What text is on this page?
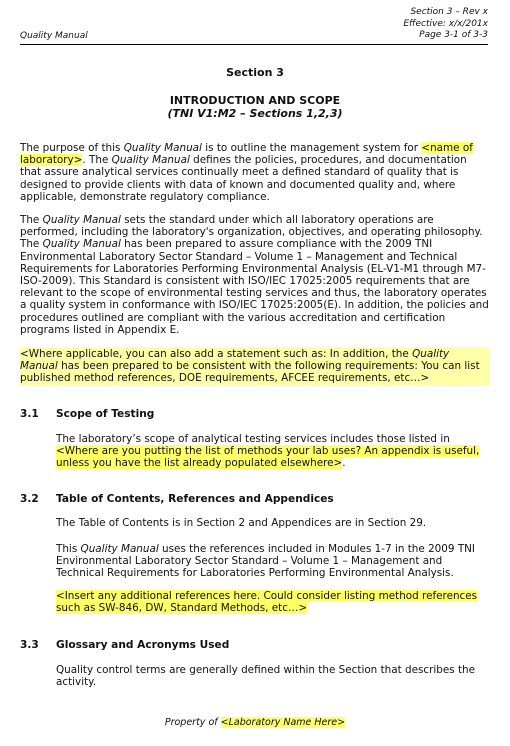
Quality Manual
Section 3 – Rev x
Effective: x/x/201x
Page 3-1 of 3-3
Section 3
INTRODUCTION AND SCOPE
(TNI V1:M2 – Sections 1,2,3)
The purpose of this Quality Manual is to outline the management system for <name of laboratory>. The Quality Manual defines the policies, procedures, and documentation that assure analytical services continually meet a defined standard of quality that is designed to provide clients with data of known and documented quality and, where applicable, demonstrate regulatory compliance.
The Quality Manual sets the standard under which all laboratory operations are performed, including the laboratory's organization, objectives, and operating philosophy. The Quality Manual has been prepared to assure compliance with the 2009 TNI Environmental Laboratory Sector Standard – Volume 1 – Management and Technical Requirements for Laboratories Performing Environmental Analysis (EL-V1-M1 through M7-ISO-2009). This Standard is consistent with ISO/IEC 17025:2005 requirements that are relevant to the scope of environmental testing services and thus, the laboratory operates a quality system in conformance with ISO/IEC 17025:2005(E). In addition, the policies and procedures outlined are compliant with the various accreditation and certification programs listed in Appendix E.
<Where applicable, you can also add a statement such as: In addition, the Quality Manual has been prepared to be consistent with the following requirements: You can list published method references, DOE requirements, AFCEE requirements, etc…>
3.1 Scope of Testing
The laboratory’s scope of analytical testing services includes those listed in <Where are you putting the list of methods your lab uses? An appendix is useful, unless you have the list already populated elsewhere>.
3.2 Table of Contents, References and Appendices
The Table of Contents is in Section 2 and Appendices are in Section 29.
This Quality Manual uses the references included in Modules 1-7 in the 2009 TNI Environmental Laboratory Sector Standard – Volume 1 – Management and Technical Requirements for Laboratories Performing Environmental Analysis.
<Insert any additional references here. Could consider listing method references such as SW-846, DW, Standard Methods, etc…>
3.3 Glossary and Acronyms Used
Quality control terms are generally defined within the Section that describes the activity.
Property of <Laboratory Name Here>
